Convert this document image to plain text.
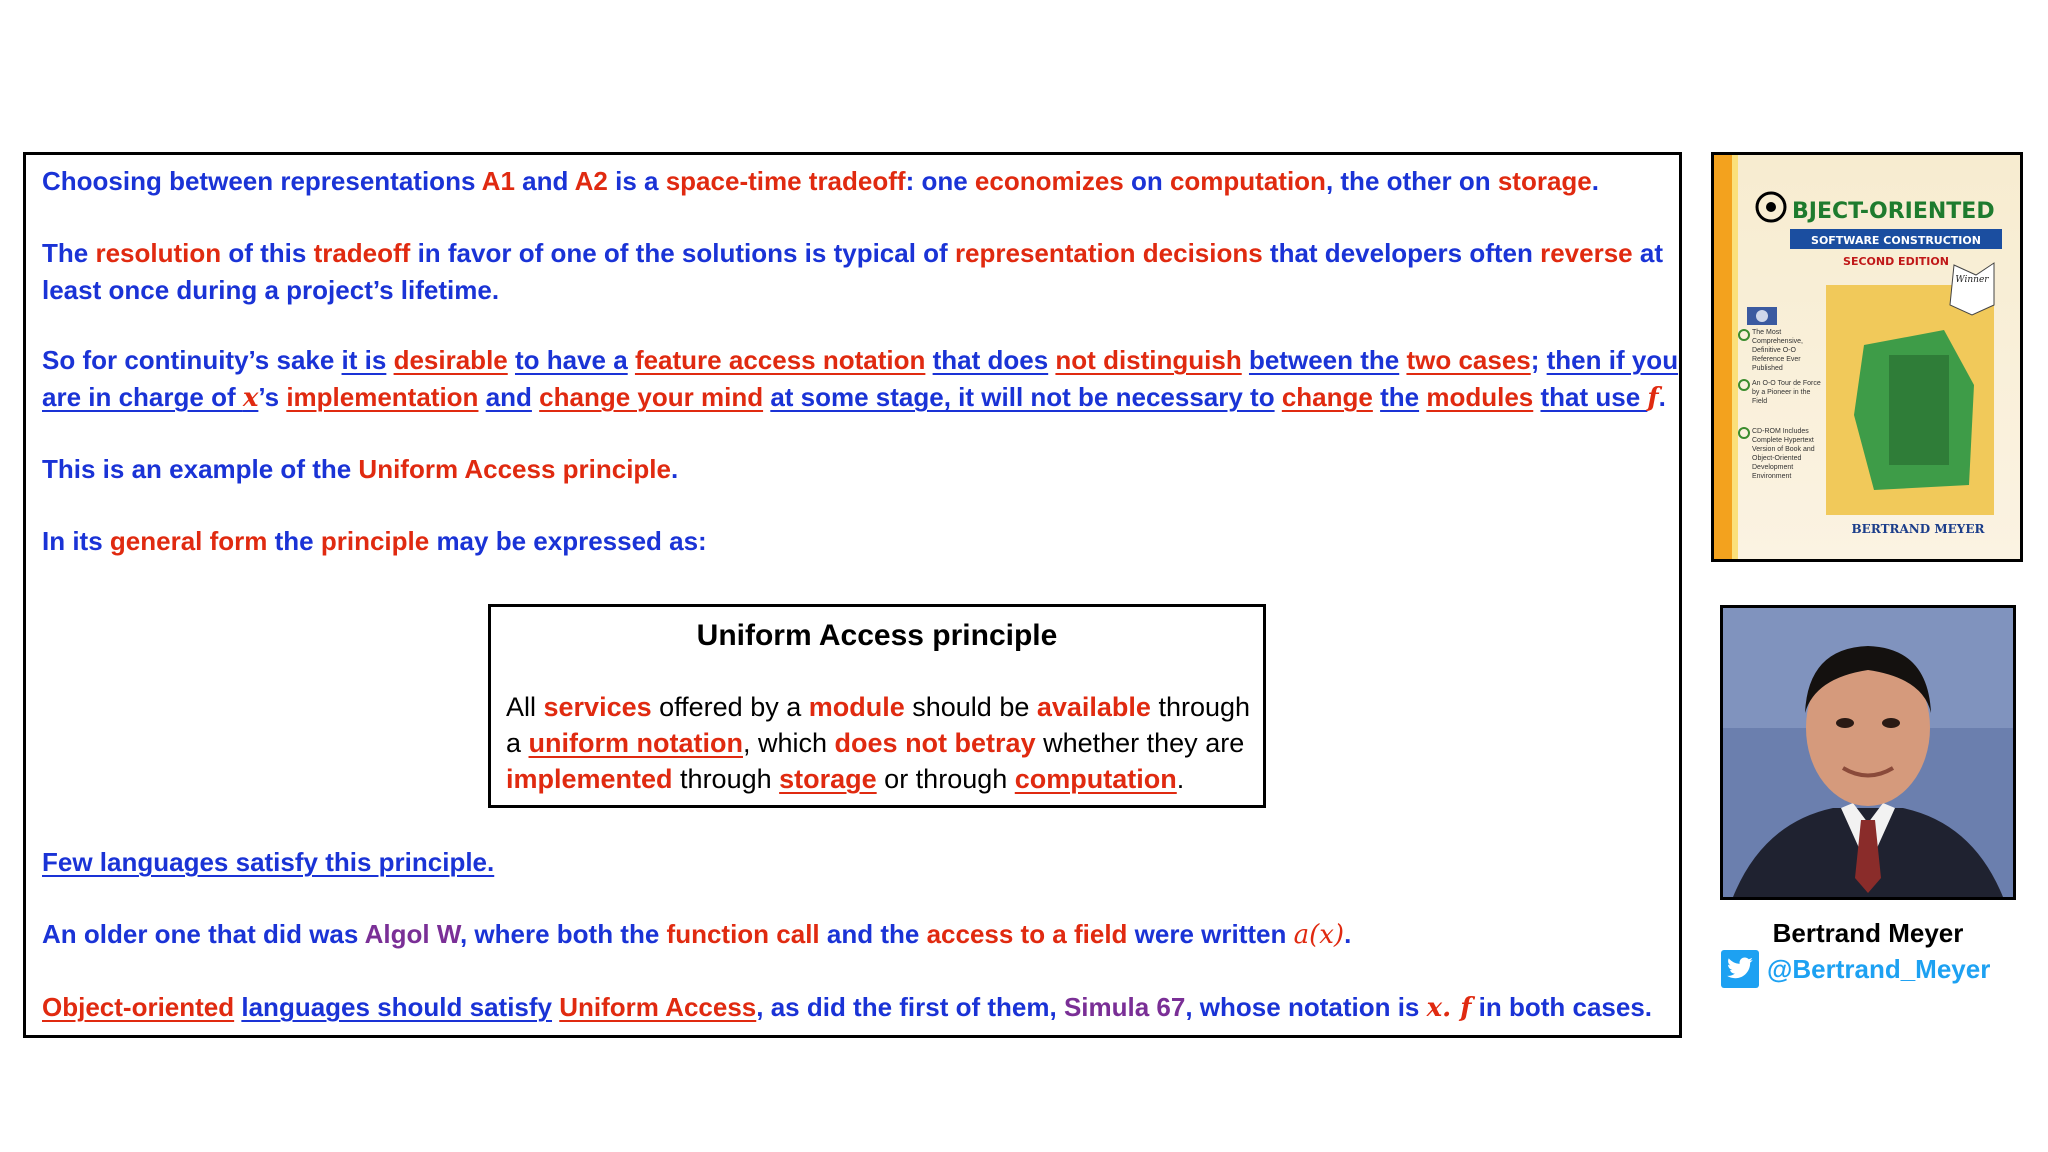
Choosing between representations A1 and A2 is a space-time tradeoff: one economizes on computation, the other on storage.

The resolution of this tradeoff in favor of one of the solutions is typical of representation decisions that developers often reverse at least once during a project’s lifetime.

So for continuity’s sake it is desirable to have a feature access notation that does not distinguish between the two cases; then if you are in charge of x’s implementation and change your mind at some stage, it will not be necessary to change the modules that use f.

This is an example of the Uniform Access principle.

In its general form the principle may be expressed as:

Uniform Access principle
All services offered by a module should be available through a uniform notation, which does not betray whether they are implemented through storage or through computation.

Few languages satisfy this principle.

An older one that did was Algol W, where both the function call and the access to a field were written a(x).

Object-oriented languages should satisfy Uniform Access, as did the first of them, Simula 67, whose notation is x. f in both cases.

BJECT-ORIENTED
SOFTWARE CONSTRUCTION
SECOND EDITION
Winner
The Most Comprehensive, Definitive O-O Reference Ever Published
An O-O Tour de Force by a Pioneer in the Field
CD-ROM Includes Complete Hypertext Version of Book and Object-Oriented Development Environment
BERTRAND MEYER
Bertrand Meyer
@Bertrand_Meyer
